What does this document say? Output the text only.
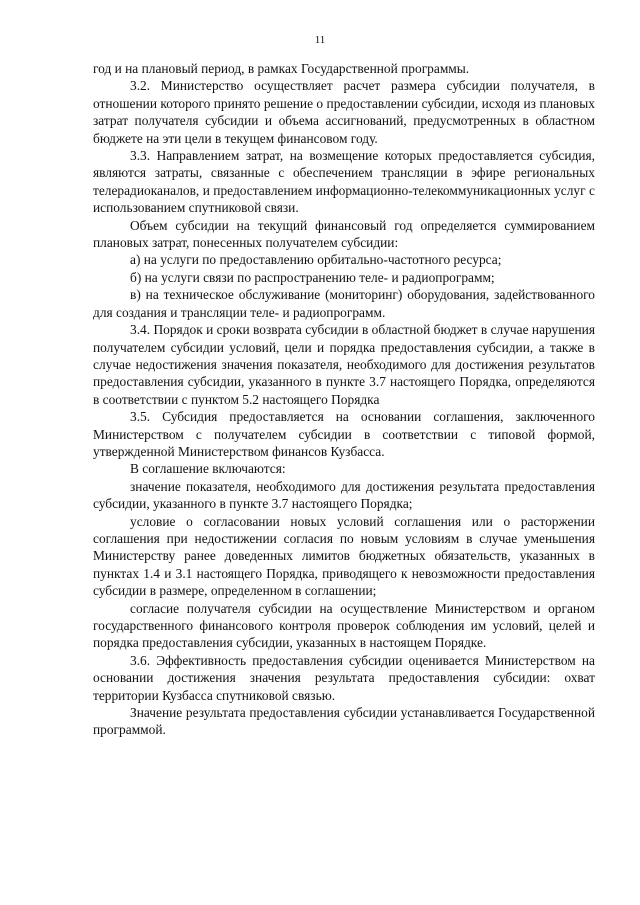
11

год и на плановый период, в рамках Государственной программы.

3.2. Министерство осуществляет расчет размера субсидии получателя, в отношении которого принято решение о предоставлении субсидии, исходя из плановых затрат получателя субсидии и объема ассигнований, предусмотренных в областном бюджете на эти цели в текущем финансовом году.

3.3. Направлением затрат, на возмещение которых предоставляется субсидия, являются затраты, связанные с обеспечением трансляции в эфире региональных телерадиоканалов, и предоставлением информационно-телекоммуникационных услуг с использованием спутниковой связи.

Объем субсидии на текущий финансовый год определяется суммированием плановых затрат, понесенных получателем субсидии:

а) на услуги по предоставлению орбитально-частотного ресурса;

б) на услуги связи по распространению теле- и радиопрограмм;

в) на техническое обслуживание (мониторинг) оборудования, задействованного для создания и трансляции теле- и радиопрограмм.

3.4. Порядок и сроки возврата субсидии в областной бюджет в случае нарушения получателем субсидии условий, цели и порядка предоставления субсидии, а также в случае недостижения значения показателя, необходимого для достижения результатов предоставления субсидии, указанного в пункте 3.7 настоящего Порядка, определяются в соответствии с пунктом 5.2 настоящего Порядка

3.5. Субсидия предоставляется на основании соглашения, заключенного Министерством с получателем субсидии в соответствии с типовой формой, утвержденной Министерством финансов Кузбасса.

В соглашение включаются:

значение показателя, необходимого для достижения результата предоставления субсидии, указанного в пункте 3.7 настоящего Порядка;

условие о согласовании новых условий соглашения или о расторжении соглашения при недостижении согласия по новым условиям в случае уменьшения Министерству ранее доведенных лимитов бюджетных обязательств, указанных в пунктах 1.4 и 3.1 настоящего Порядка, приводящего к невозможности предоставления субсидии в размере, определенном в соглашении;

согласие получателя субсидии на осуществление Министерством и органом государственного финансового контроля проверок соблюдения им условий, целей и порядка предоставления субсидии, указанных в настоящем Порядке.

3.6. Эффективность предоставления субсидии оценивается Министерством на основании достижения значения результата предоставления субсидии: охват территории Кузбасса спутниковой связью.

Значение результата предоставления субсидии устанавливается Государственной программой.
